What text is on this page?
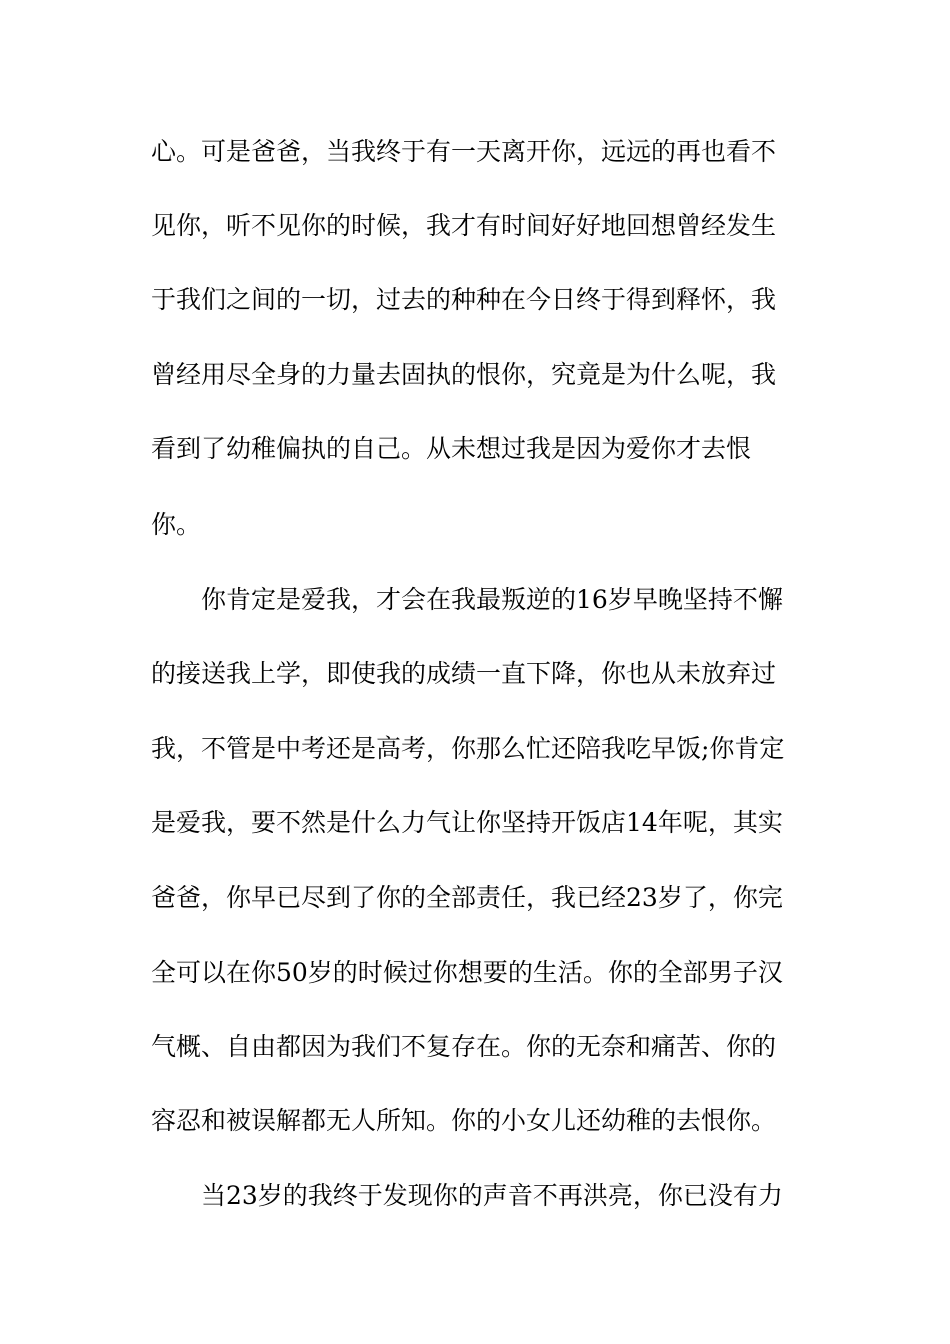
心。可是爸爸，当我终于有一天离开你，远远的再也看不
见你，听不见你的时候，我才有时间好好地回想曾经发生
于我们之间的一切，过去的种种在今日终于得到释怀，我
曾经用尽全身的力量去固执的恨你，究竟是为什么呢，我
看到了幼稚偏执的自己。从未想过我是因为爱你才去恨
你。
你肯定是爱我，才会在我最叛逆的16岁早晚坚持不懈
的接送我上学，即使我的成绩一直下降，你也从未放弃过
我，不管是中考还是高考，你那么忙还陪我吃早饭;你肯定
是爱我，要不然是什么力气让你坚持开饭店14年呢，其实
爸爸，你早已尽到了你的全部责任，我已经23岁了，你完
全可以在你50岁的时候过你想要的生活。你的全部男子汉
气概、自由都因为我们不复存在。你的无奈和痛苦、你的
容忍和被误解都无人所知。你的小女儿还幼稚的去恨你。
当23岁的我终于发现你的声音不再洪亮，你已没有力
